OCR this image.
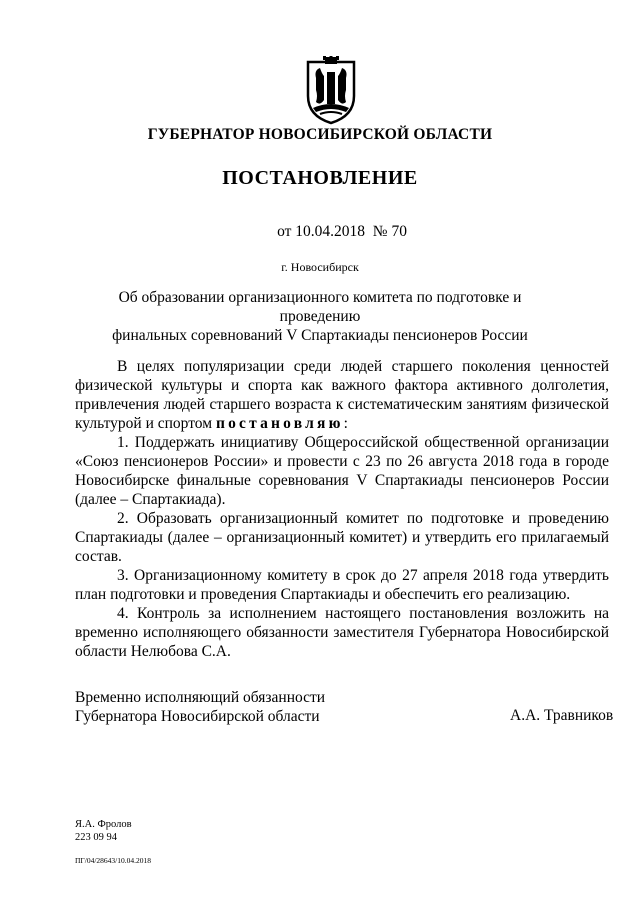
ГУБЕРНАТОР НОВОСИБИРСКОЙ ОБЛАСТИ
ПОСТАНОВЛЕНИЕ
от 10.04.2018 № 70
г. Новосибирск
Об образовании организационного комитета по подготовке и проведению
финальных соревнований V Спартакиады пенсионеров России

В целях популяризации среди людей старшего поколения ценностей физической культуры и спорта как важного фактора активного долголетия, привлечения людей старшего возраста к систематическим занятиям физической культурой и спортом постановляю:

1. Поддержать инициативу Общероссийской общественной организации «Союз пенсионеров России» и провести с 23 по 26 августа 2018 года в городе Новосибирске финальные соревнования V Спартакиады пенсионеров России (далее – Спартакиада).

2. Образовать организационный комитет по подготовке и проведению Спартакиады (далее – организационный комитет) и утвердить его прилагаемый состав.

3. Организационному комитету в срок до 27 апреля 2018 года утвердить план подготовки и проведения Спартакиады и обеспечить его реализацию.

4. Контроль за исполнением настоящего постановления возложить на временно исполняющего обязанности заместителя Губернатора Новосибирской области Нелюбова С.А.

Временно исполняющий обязанности
Губернатора Новосибирской области	А.А. Травников
Я.А. Фролов
223 09 94
ПГ/04/28643/10.04.2018
